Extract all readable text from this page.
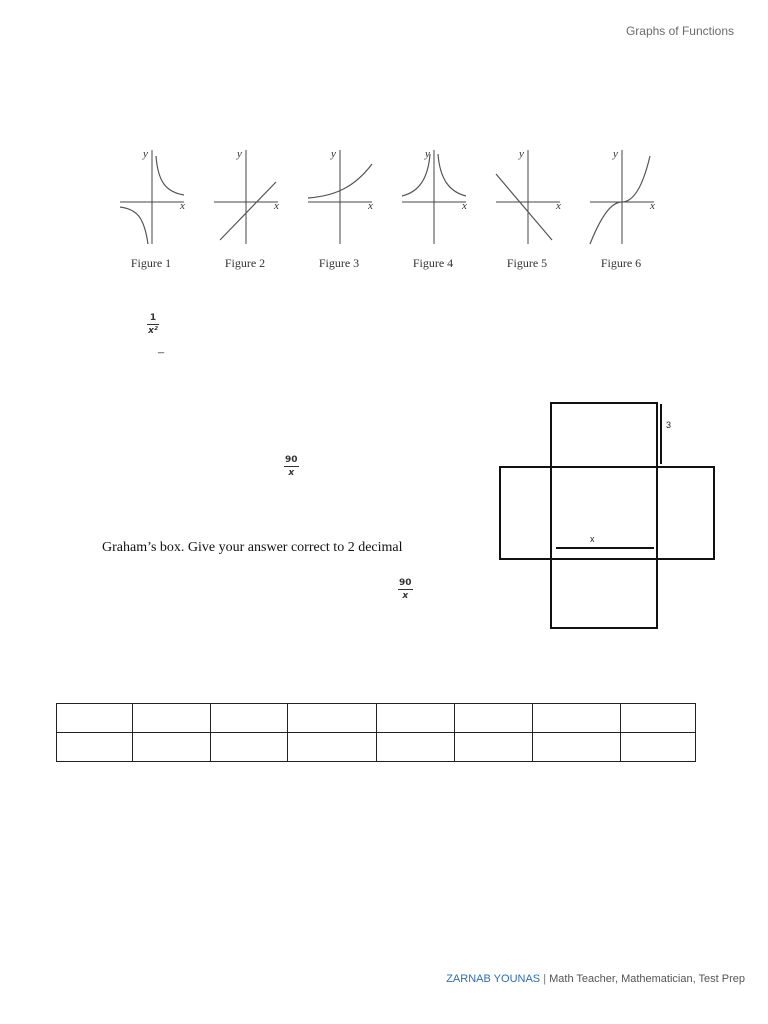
Graphs of Functions
y
x
Figure 1
y
x
Figure 2
y
x
Figure 3
y
x
Figure 4
y
x
Figure 5
y
x
Figure 6
1
x²
_
90
x
Graham’s box. Give your answer correct to 2 decimal
90
x
3
x

ZARNAB YOUNAS | Math Teacher, Mathematician, Test Prep
